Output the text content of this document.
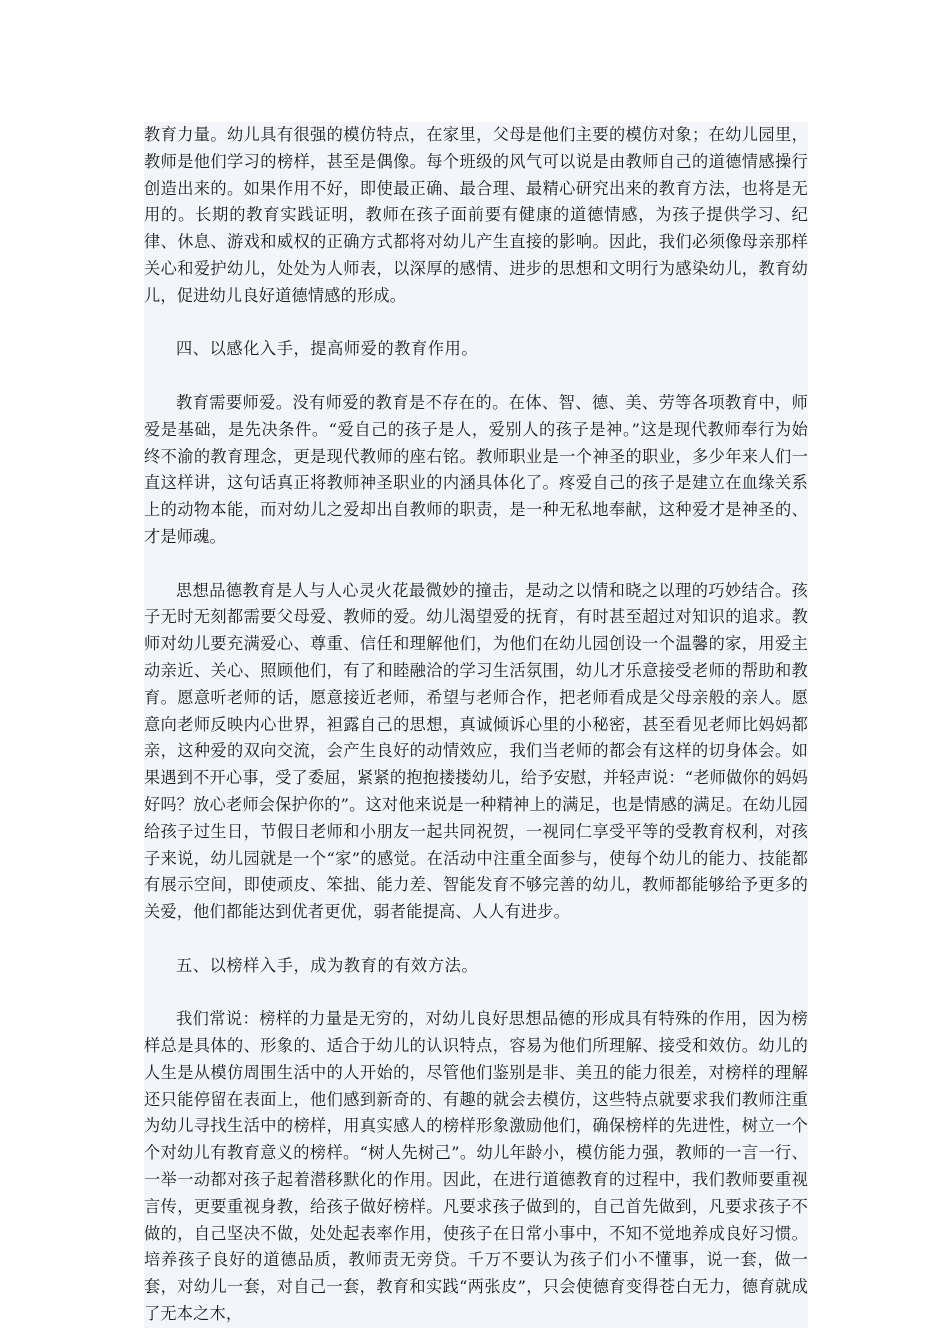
教育力量。幼儿具有很强的模仿特点，在家里，父母是他们主要的模仿对象；在幼儿园里，教师是他们学习的榜样，甚至是偶像。每个班级的风气可以说是由教师自己的道德情感操行创造出来的。如果作用不好，即使最正确、最合理、最精心研究出来的教育方法，也将是无用的。长期的教育实践证明，教师在孩子面前要有健康的道德情感，为孩子提供学习、纪律、休息、游戏和威权的正确方式都将对幼儿产生直接的影响。因此，我们必须像母亲那样关心和爱护幼儿，处处为人师表，以深厚的感情、进步的思想和文明行为感染幼儿，教育幼儿，促进幼儿良好道德情感的形成。

四、以感化入手，提高师爱的教育作用。

教育需要师爱。没有师爱的教育是不存在的。在体、智、德、美、劳等各项教育中，师爱是基础，是先决条件。“爱自己的孩子是人，爱别人的孩子是神。”这是现代教师奉行为始终不渝的教育理念，更是现代教师的座右铭。教师职业是一个神圣的职业，多少年来人们一直这样讲，这句话真正将教师神圣职业的内涵具体化了。疼爱自己的孩子是建立在血缘关系上的动物本能，而对幼儿之爱却出自教师的职责，是一种无私地奉献，这种爱才是神圣的、才是师魂。

思想品德教育是人与人心灵火花最微妙的撞击，是动之以情和晓之以理的巧妙结合。孩子无时无刻都需要父母爱、教师的爱。幼儿渴望爱的抚育，有时甚至超过对知识的追求。教师对幼儿要充满爱心、尊重、信任和理解他们，为他们在幼儿园创设一个温馨的家，用爱主动亲近、关心、照顾他们，有了和睦融洽的学习生活氛围，幼儿才乐意接受老师的帮助和教育。愿意听老师的话，愿意接近老师，希望与老师合作，把老师看成是父母亲般的亲人。愿意向老师反映内心世界，袒露自己的思想，真诚倾诉心里的小秘密，甚至看见老师比妈妈都亲，这种爱的双向交流，会产生良好的动情效应，我们当老师的都会有这样的切身体会。如果遇到不开心事，受了委屈，紧紧的抱抱搂搂幼儿，给予安慰，并轻声说：“老师做你的妈妈好吗？放心老师会保护你的”。这对他来说是一种精神上的满足，也是情感的满足。在幼儿园给孩子过生日，节假日老师和小朋友一起共同祝贺，一视同仁享受平等的受教育权利，对孩子来说，幼儿园就是一个“家”的感觉。在活动中注重全面参与，使每个幼儿的能力、技能都有展示空间，即使顽皮、笨拙、能力差、智能发育不够完善的幼儿，教师都能够给予更多的关爱，他们都能达到优者更优，弱者能提高、人人有进步。

五、以榜样入手，成为教育的有效方法。

我们常说：榜样的力量是无穷的，对幼儿良好思想品德的形成具有特殊的作用，因为榜样总是具体的、形象的、适合于幼儿的认识特点，容易为他们所理解、接受和效仿。幼儿的人生是从模仿周围生活中的人开始的，尽管他们鉴别是非、美丑的能力很差，对榜样的理解还只能停留在表面上，他们感到新奇的、有趣的就会去模仿，这些特点就要求我们教师注重为幼儿寻找生活中的榜样，用真实感人的榜样形象激励他们，确保榜样的先进性，树立一个个对幼儿有教育意义的榜样。“树人先树己”。幼儿年龄小，模仿能力强，教师的一言一行、一举一动都对孩子起着潜移默化的作用。因此，在进行道德教育的过程中，我们教师要重视言传，更要重视身教，给孩子做好榜样。凡要求孩子做到的，自己首先做到，凡要求孩子不做的，自己坚决不做，处处起表率作用，使孩子在日常小事中，不知不觉地养成良好习惯。培养孩子良好的道德品质，教师责无旁贷。千万不要认为孩子们小不懂事，说一套，做一套，对幼儿一套，对自己一套，教育和实践“两张皮”，只会使德育变得苍白无力，德育就成了无本之木，
